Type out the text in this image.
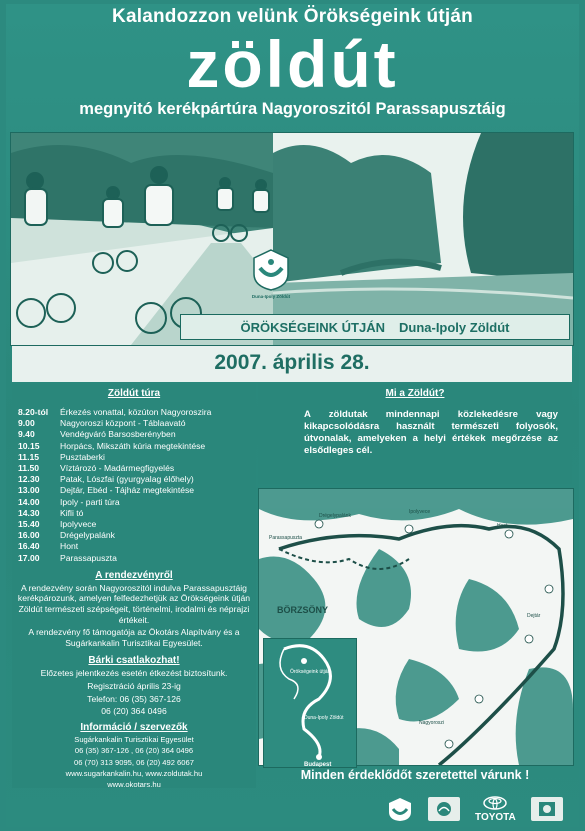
Kalandozzon velünk Örökségeink útján
zöldút
megnyitó kerékpártúra Nagyoroszitól Parassapusztáig
Duna-Ipoly Zöldút
ÖRÖKSÉGEINK ÚTJÁN Duna-Ipoly Zöldút
2007. április 28.
Zöldút túra
8.20-tól	Érkezés vonattal, közúton Nagyoroszira
9.00	Nagyoroszi központ - Táblaavató
9.40	Vendégváró Barsosberényben
10.15	Horpács, Mikszáth kúria megtekintése
11.15	Pusztaberki
11.50	Víztározó - Madármegfigyelés
12.30	Patak, Lószfai (gyurgyalag élőhely)
13.00	Dejtár, Ebéd - Tájház megtekintése
14.00	Ipoly - parti túra
14.30	Kifli tó
15.40	Ipolyvece
16.00	Drégelypalánk
16.40	Hont
17.00	Parassapuszta
A rendezvényről
A rendezvény során Nagyoroszitól indulva Parassapusztáig kerékpározunk, amelyen felfedezhetjük az Örökségeink útján Zöldút természeti szépségeit, történelmi, irodalmi és néprajzi értékeit.
A rendezvény fő támogatója az Ökotárs Alapítvány és a Sugárkankalin Turisztikai Egyesület.
Bárki csatlakozhat!
Előzetes jelentkezés esetén étkezést biztosítunk.
Regisztráció április 23-ig
Telefon: 06 (35) 367-126
06 (20) 364 0496
Információ / szervezők
Sugárkankalin Turisztikai Egyesület
06 (35) 367-126 , 06 (20) 364 0496
06 (70) 313 9095, 06 (20) 492 6067
www.sugarkankalin.hu, www.zoldutak.hu
www.okotars.hu
Mi a Zöldút?
A zöldutak mindennapi közlekedésre vagy kikapcsolódásra használt természeti folyosók, útvonalak, amelyeken a helyi értékek megőrzése az elsődleges cél.
BÖRZSÖNY
Ipolyvece
Hont
Nagyoroszi
Dejtár
Drégelypalánk
Parassapuszta
Örökségeink útján
Duna-Ipoly Zöldút
Budapest
Minden érdeklődőt szeretettel várunk !
TOYOTA
